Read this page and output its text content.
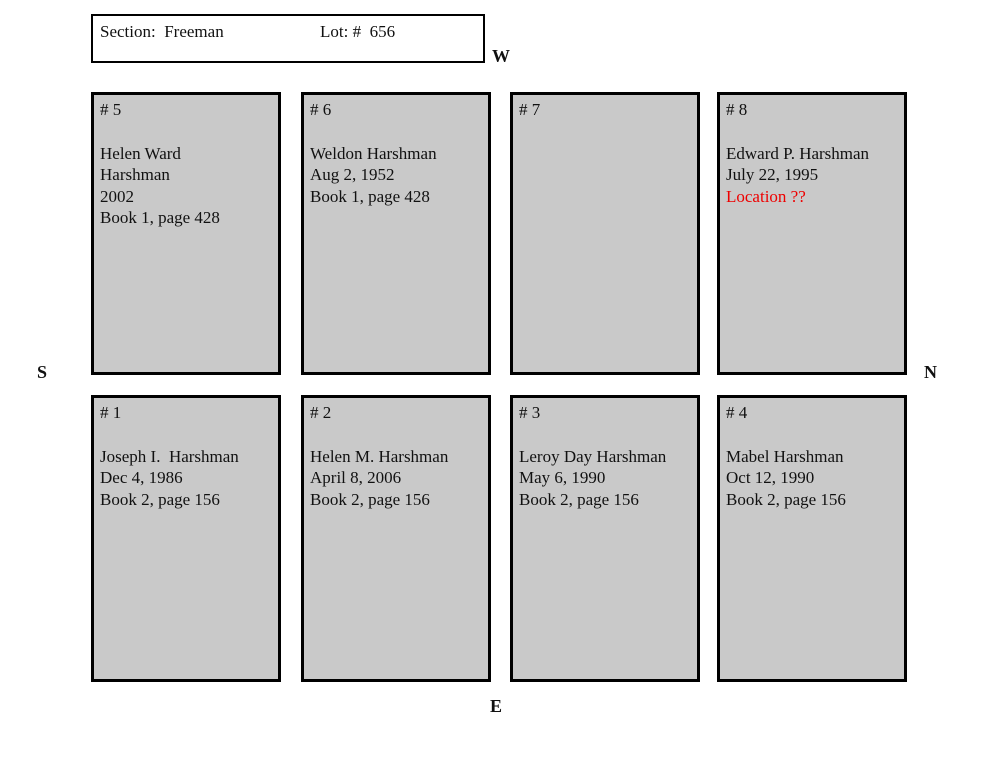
Section:  Freeman	Lot: #  656
W
S	N
E
# 5
Helen Ward
Harshman
2002
Book 1, page 428
# 6
Weldon Harshman
Aug 2, 1952
Book 1, page 428
# 7	# 8
Edward P. Harshman
July 22, 1995
Location ??
# 1
Joseph I.  Harshman
Dec 4, 1986
Book 2, page 156
# 2
Helen M. Harshman
April 8, 2006
Book 2, page 156
# 3
Leroy Day Harshman
May 6, 1990
Book 2, page 156
# 4
Mabel Harshman
Oct 12, 1990
Book 2, page 156
